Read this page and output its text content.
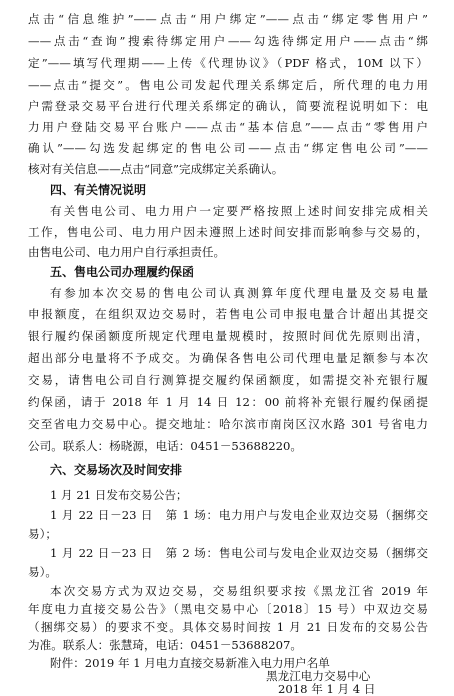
点击“信息维护”——点击“用户绑定”——点击“绑定零售用户”
——点击“查询”搜索待绑定用户——勾选待绑定用户——点击“绑
定”——填写代理期——上传《代理协议》（PDF 格式，10M 以下）
——点击“提交”。售电公司发起代理关系绑定后，所代理的电力用
户需登录交易平台进行代理关系绑定的确认，简要流程说明如下：电
力用户登陆交易平台账户——点击“基本信息”——点击“零售用户
确认”——勾选发起绑定的售电公司——点击“绑定售电公司”——
核对有关信息——点击“同意”完成绑定关系确认。
四、有关情况说明
有关售电公司、电力用户一定要严格按照上述时间安排完成相关
工作，售电公司、电力用户因未遵照上述时间安排而影响参与交易的，
由售电公司、电力用户自行承担责任。
五、售电公司办理履约保函
有参加本次交易的售电公司认真测算年度代理电量及交易电量
申报额度，在组织双边交易时，若售电公司申报电量合计超出其提交
银行履约保函额度所规定代理电量规模时，按照时间优先原则出清，
超出部分电量将不予成交。为确保各售电公司代理电量足额参与本次
交易，请售电公司自行测算提交履约保函额度，如需提交补充银行履
约保函，请于 2018 年 1 月 14 日 12：00 前将补充银行履约保函提
交至省电力交易中心。提交地址：哈尔滨市南岗区汉水路 301 号省电力
公司。联系人：杨晓源，电话：0451－53688220。
六、交易场次及时间安排
1 月 21 日发布交易公告；
1 月 22 日－23 日　第 1 场：电力用户与发电企业双边交易（捆绑交
易）；
1 月 22 日－23 日　第 2 场：售电公司与发电企业双边交易（捆绑交
易）。
本次交易方式为双边交易，交易组织要求按《黑龙江省 2019 年
年度电力直接交易公告》（黑电交易中心〔2018〕15 号）中双边交易
（捆绑交易）的要求不变。具体交易时间按 1 月 21 日发布的交易公告
为准。联系人：张慧琦，电话：0451－53688207。
附件：2019 年 1 月电力直接交易新准入电力用户名单
黑龙江电力交易中心
2018 年 1 月 4 日
